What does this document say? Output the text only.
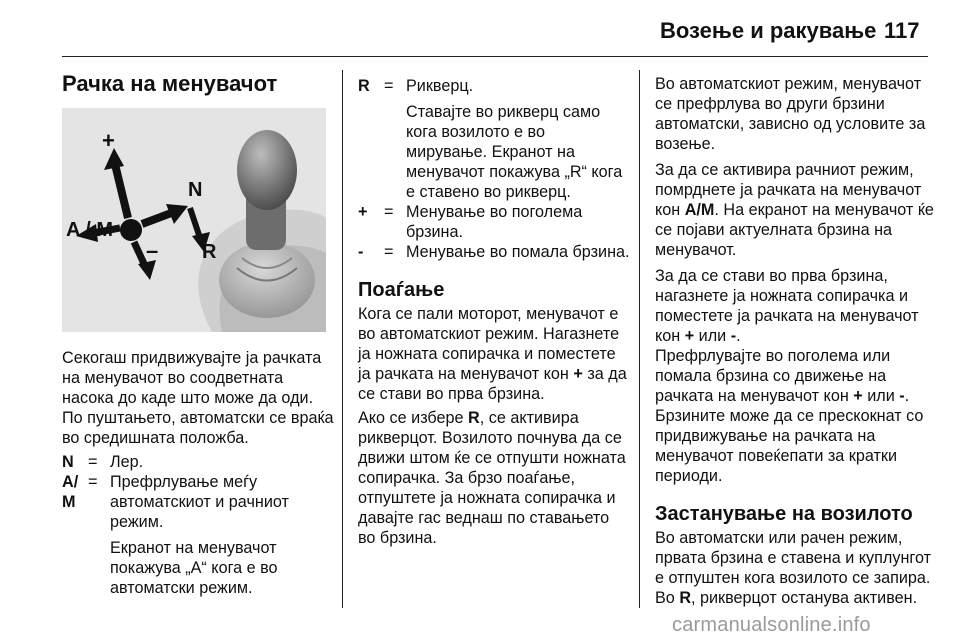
Возење и ракување 117
Рачка на менувачот
+
–
A / M
N
R

Секогаш придвижувајте ја рачката на менувачот во соодветната насока до каде што може да оди. По пуштањето, автоматски се враќа во средишната положба.

N	=	Лер.
A/ M	=	Префрлување меѓу автоматскиот и рачниот режим.
Екранот на менувачот покажува „A“ кога е во автоматски режим.
R	=	Рикверц.
Ставајте во рикверц само кога возилото е во мирување. Екранот на менувачот покажува „R“ кога е ставено во рикверц.

+	=	Менување во поголема брзина.
-	=	Менување во помала брзина.
Поаѓање

Кога се пали моторот, менувачот е во автоматскиот режим. Нагазнете ја ножната сопирачка и поместете ја рачката на менувачот кон + за да се стави во прва брзина.

Ако се избере R, се активира рикверцот. Возилото почнува да се движи штом ќе се отпушти ножната сопирачка. За брзо поаѓање, отпуштете ја ножната сопирачка и давајте гас веднаш по ставањето во брзина.

Во автоматскиот режим, менувачот се префрлува во други брзини автоматски, зависно од условите за возење.

За да се активира рачниот режим, помрднете ја рачката на менувачот кон A/M. На екранот на менувачот ќе се појави актуелната брзина на менувачот.

За да се стави во прва брзина, нагазнете ја ножната сопирачка и поместете ја рачката на менувачот кон + или -.

Префрлувајте во поголема или помала брзина со движење на рачката на менувачот кон + или -. Брзините може да се прескокнат со придвижување на рачката на менувачот повеќепати за кратки периоди.

Застанување на возилото

Во автоматски или рачен режим, првата брзина е ставена и куплунгот е отпуштен кога возилото се запира. Во R, рикверцот останува активен.

carmanualsonline.info
